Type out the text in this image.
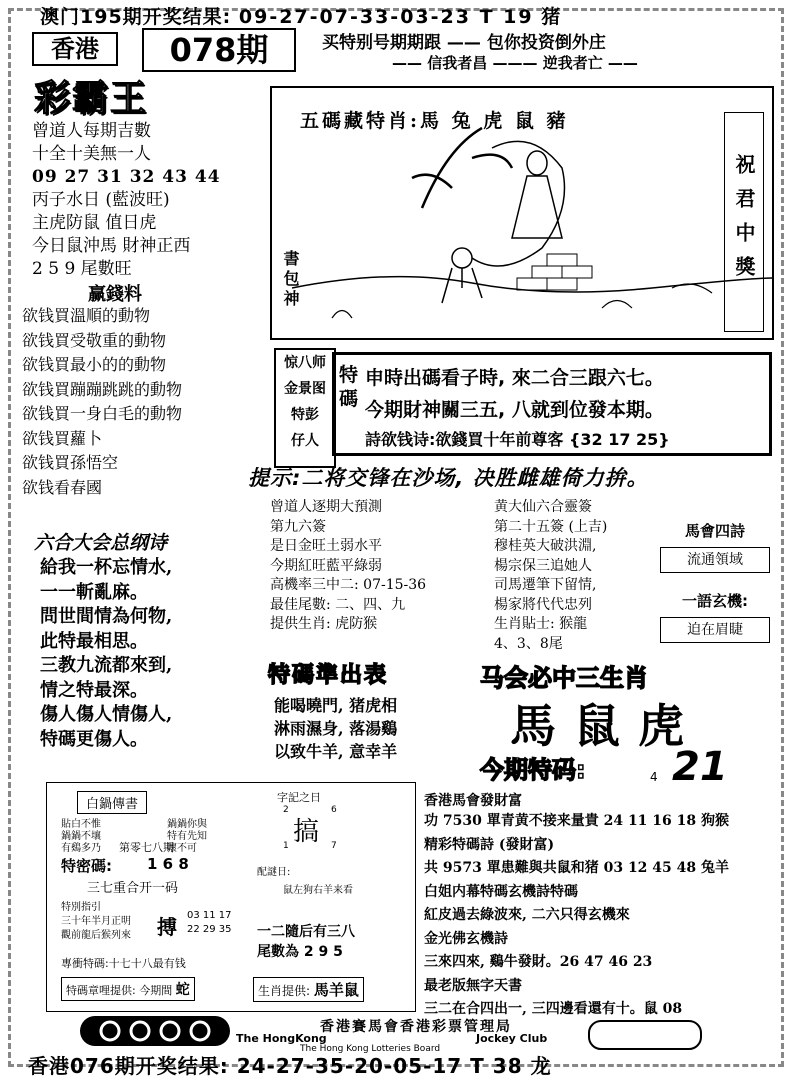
澳门195期开奖结果: 09-27-07-33-03-23 T 19 猪
香港	078期	买特别号期期跟 —— 包你投资倒外庄
—— 信我者昌 ——— 逆我者亡 ——
彩霸王
曾道人每期吉數
十全十美無一人
09 27 31 32 43 44
丙子水日 (藍波旺)
主虎防鼠 值日虎
今日鼠沖馬 財神正西
2 5 9 尾數旺
赢錢料
欲钱買溫順的動物
欲钱買受敬重的動物
欲钱買最小的的動物
欲钱買蹦蹦跳跳的動物
欲钱買一身白毛的動物
欲钱買蘿卜
欲钱買孫悟空
欲钱看春國
六合大会总纲诗
給我一杯忘情水,
一一斬亂麻。
問世間情為何物,
此特最相思。
三教九流都來到,
情之特最深。
傷人傷人情傷人,
特碼更傷人。
五碼藏特肖:馬 兔 虎 鼠 豬
祝君中獎
書包神
惊八师
金景图
特彭
仔人
特碼
申時出碼看子時, 來二合三跟六七。
今期財神關三五, 八就到位發本期。
詩欲钱诗:欲錢買十年前尊客 {32 17 25}
提示:二将交锋在沙场, 决胜雌雄倚力拚。
曾道人逐期大預測
第九六簽
是日金旺土弱水平
今期紅旺藍平綠弱
高機率三中二: 07-15-36
最佳尾數: 二、四、九
提供生肖: 虎防猴
黄大仙六合靈簽
第二十五簽 (上吉)
穆桂英大破洪淵,
楊宗保三追她人
司馬遷筆下留情,
楊家將代代忠列
生肖貼士: 猴龍
4、3、8尾
馬會四詩
流通領域
一語玄機:
迫在眉睫
特碼準出表
能喝曉門, 猪虎相
淋雨濕身, 落湯鷄
以致牛羊, 意幸羊
马会必中三生肖
馬鼠虎
今期特码:	4 21
白鍋傳書
貼白不惟
鍋鍋不壤
有鷄多乃
鍋鍋你與
特有先知
壞不可
第零七八期
特密碼: 1 6 8
三七重合开一码
特別指引
三十年半月正明
觀前龍后猴列來 搏 03 11 17
22 29 35
專衝特碼:十七十八最有钱
特碼章哩提供: 今期間 蛇
字記之日
2	6
1	7
搞
配謎日:
鼠左狗右羊来看
一二隨后有三八
尾數為 2 9 5
生肖提供: 馬羊鼠
香港馬會發財富
功 7530 單青黄不接来量貴 24 11 16 18 狗猴
精彩特碼詩 (發財富)
共 9573 單患難與共鼠和猪 03 12 45 48 兔羊
白姐内幕特碼玄機詩特碼
紅皮過去綠波來, 二六只得玄機來
金光佛玄機詩
三來四來, 鷄牛發財。26 47 46 23
最老版無字天書
三二在合四出一, 三四邊看還有十。鼠 08
香港賽馬會香港彩票管理局
The HongKong	Jockey Club
The Hong Kong Lotteries Board
香港076期开奖结果: 24-27-35-20-05-17 T 38 龙
